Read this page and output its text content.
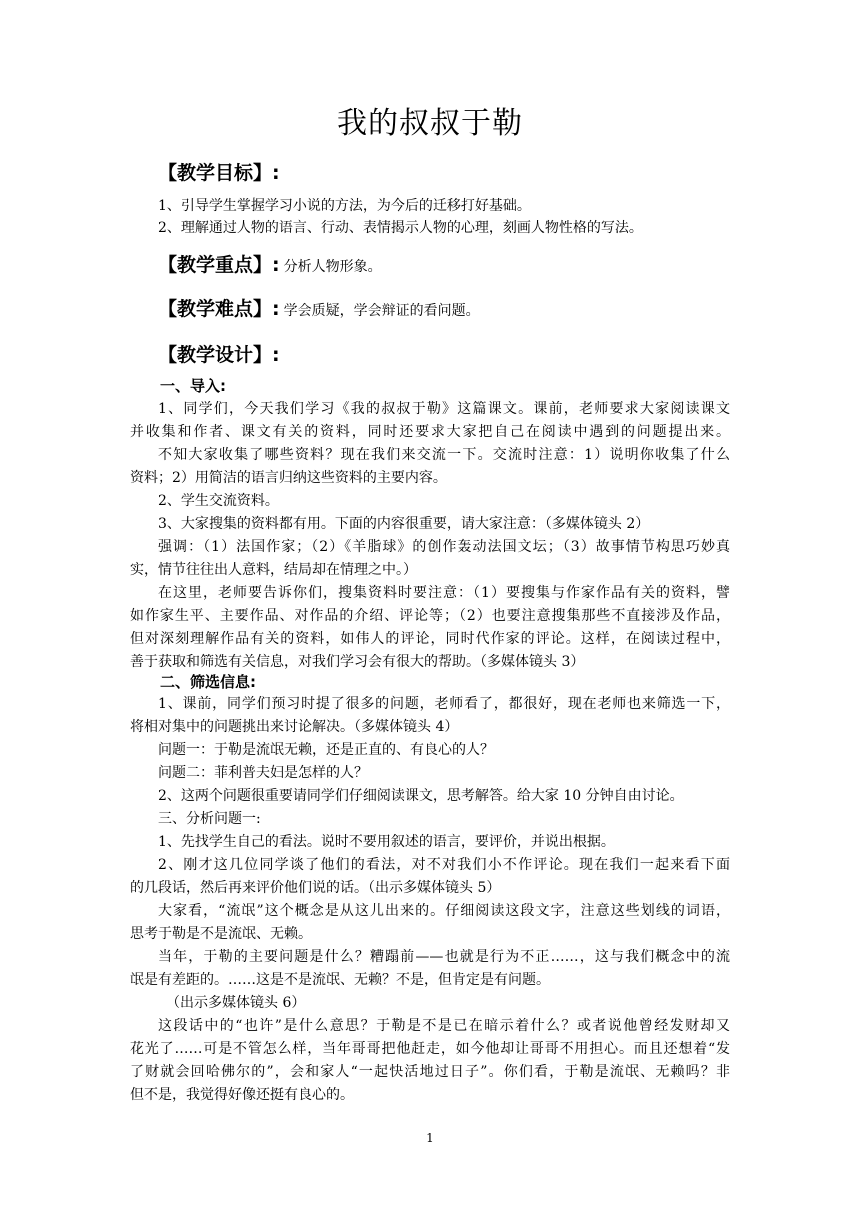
我的叔叔于勒
【教学目标】:
1、引导学生掌握学习小说的方法，为今后的迁移打好基础。
2、理解通过人物的语言、行动、表情揭示人物的心理，刻画人物性格的写法。
【教学重点】: 分析人物形象。
【教学难点】: 学会质疑，学会辩证的看问题。
【教学设计】:
一、导入:
1、同学们，今天我们学习《我的叔叔于勒》这篇课文。课前，老师要求大家阅读课文
并收集和作者、课文有关的资料，同时还要求大家把自己在阅读中遇到的问题提出来。
不知大家收集了哪些资料？现在我们来交流一下。交流时注意：1）说明你收集了什么
资料；2）用简洁的语言归纳这些资料的主要内容。
2、学生交流资料。
3、大家搜集的资料都有用。下面的内容很重要，请大家注意：（多媒体镜头 2）
强调：（1）法国作家；（2）《羊脂球》的创作轰动法国文坛；（3）故事情节构思巧妙真
实，情节往往出人意料，结局却在情理之中。）
在这里，老师要告诉你们，搜集资料时要注意：（1）要搜集与作家作品有关的资料，譬
如作家生平、主要作品、对作品的介绍、评论等；（2）也要注意搜集那些不直接涉及作品，
但对深刻理解作品有关的资料，如伟人的评论，同时代作家的评论。这样，在阅读过程中，
善于获取和筛选有关信息，对我们学习会有很大的帮助。（多媒体镜头 3）
二、筛选信息:
1、课前，同学们预习时提了很多的问题，老师看了，都很好，现在老师也来筛选一下，
将相对集中的问题挑出来讨论解决。（多媒体镜头 4）
问题一：于勒是流氓无赖，还是正直的、有良心的人？
问题二：菲利普夫妇是怎样的人？
2、这两个问题很重要请同学们仔细阅读课文，思考解答。给大家 10 分钟自由讨论。
三、分析问题一:
1、先找学生自己的看法。说时不要用叙述的语言，要评价，并说出根据。
2、刚才这几位同学谈了他们的看法，对不对我们小不作评论。现在我们一起来看下面
的几段话，然后再来评价他们说的话。（出示多媒体镜头 5）
大家看，“流氓”这个概念是从这儿出来的。仔细阅读这段文字，注意这些划线的词语，
思考于勒是不是流氓、无赖。
当年，于勒的主要问题是什么？糟蹋前——也就是行为不正……，这与我们概念中的流
氓是有差距的。……这是不是流氓、无赖？不是，但肯定是有问题。
（出示多媒体镜头 6）
这段话中的“也许”是什么意思？于勒是不是已在暗示着什么？或者说他曾经发财却又
花光了……可是不管怎么样，当年哥哥把他赶走，如今他却让哥哥不用担心。而且还想着“发
了财就会回哈佛尔的”，会和家人“一起快活地过日子”。你们看，于勒是流氓、无赖吗？非
但不是，我觉得好像还挺有良心的。
1
